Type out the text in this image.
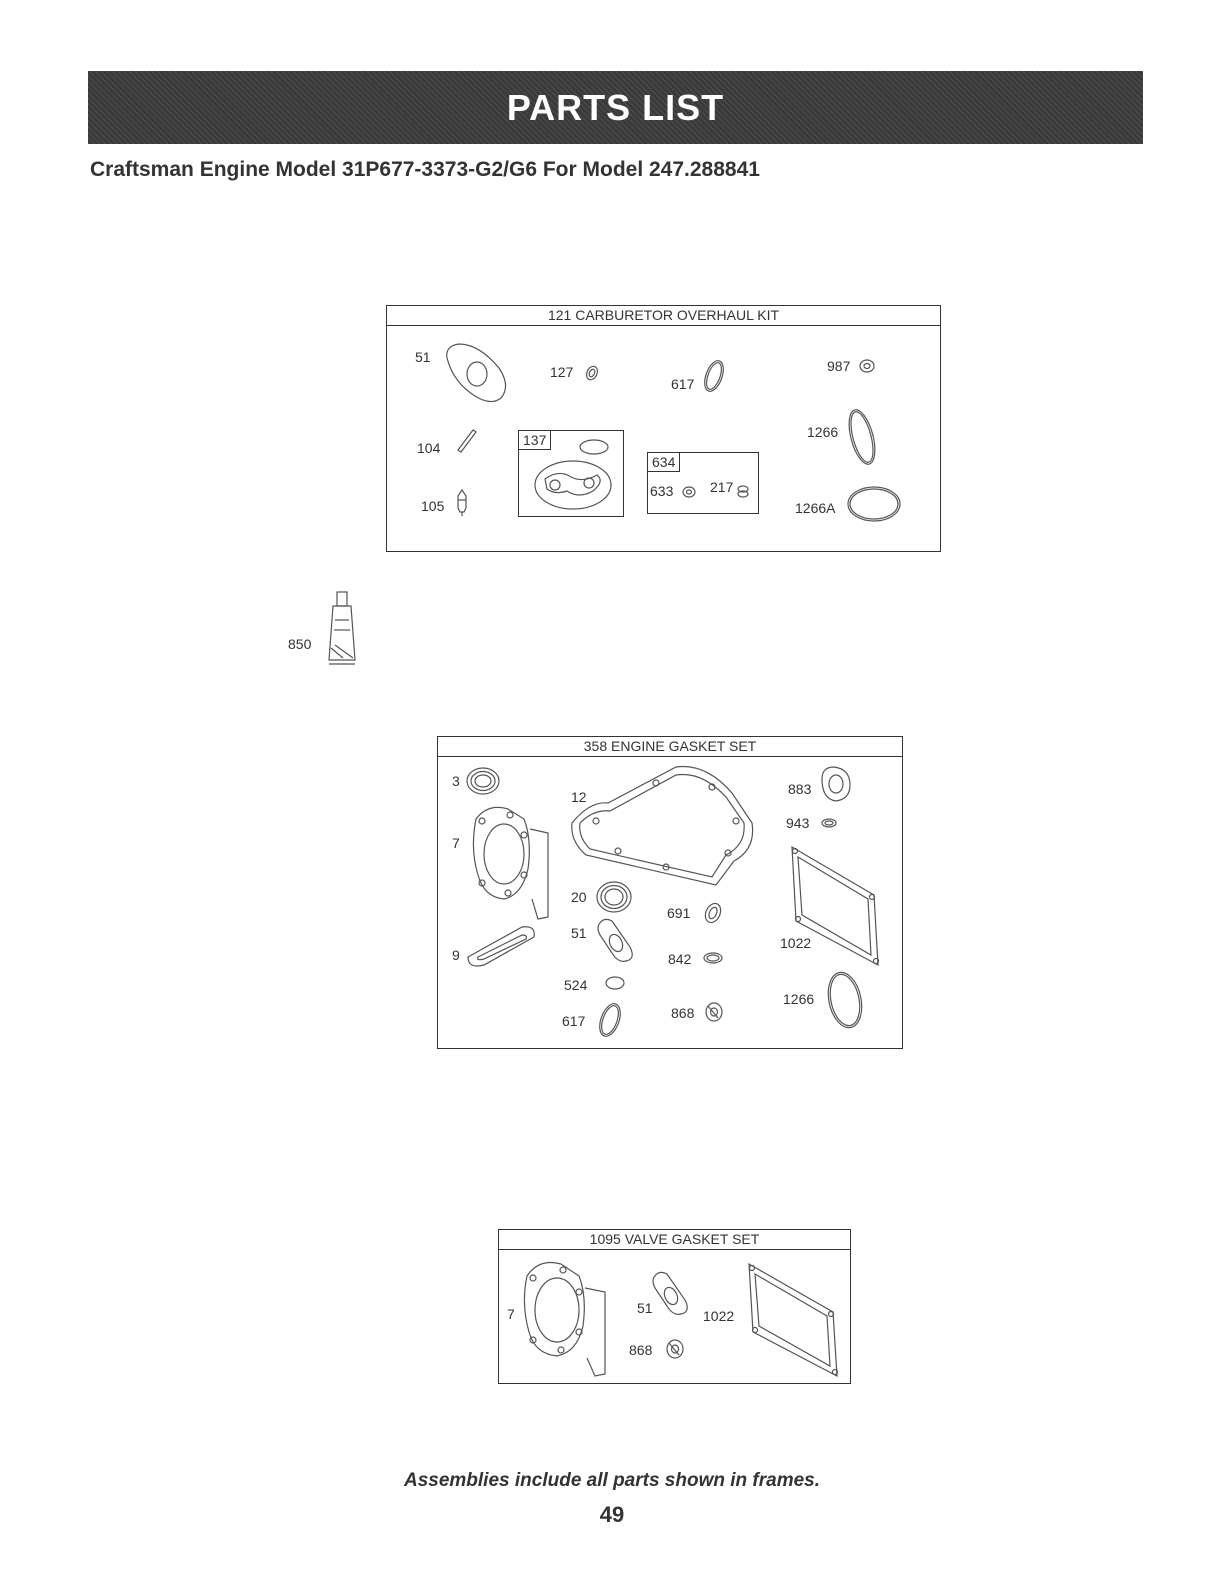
PARTS LIST
Craftsman Engine Model 31P677-3373-G2/G6 For Model 247.288841
121 CARBURETOR OVERHAUL KIT
51
127
617
987
104
105
137
634
633	217
1266
1266A
850
358 ENGINE GASKET SET
3
7
9
12
20
51
524
617
691
842
868
883
943
1022
1266
1095 VALVE GASKET SET
7	51
868
1022
Assemblies include all parts shown in frames.
49
